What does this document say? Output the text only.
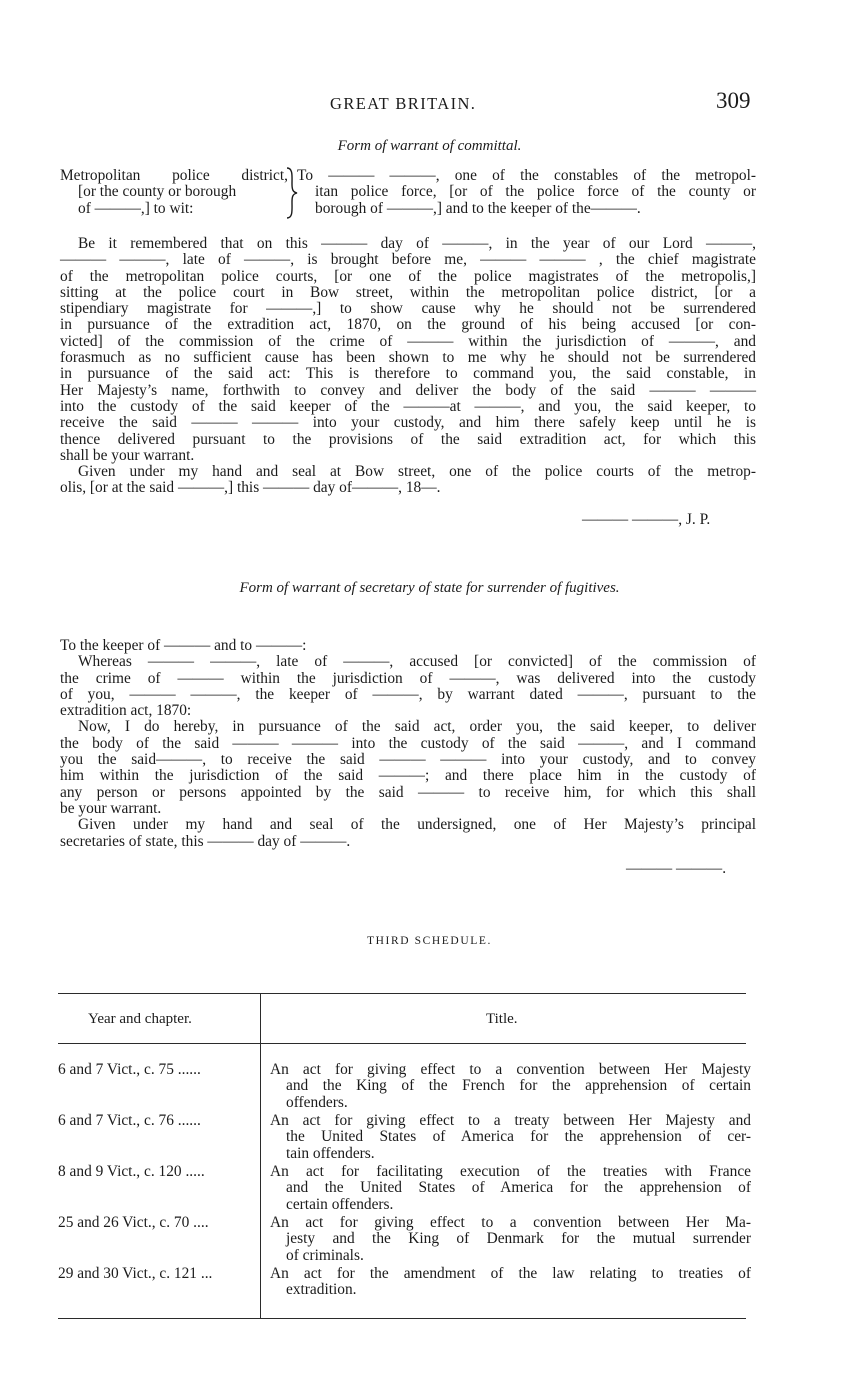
GREAT BRITAIN.	309
Form of warrant of committal.
Metropolitan police district,
[or the county or borough
of ———,] to wit:
To ——— ———, one of the constables of the metropol-
itan police force, [or of the police force of the county or
borough of ———,] and to the keeper of the———.
Be it remembered that on this ——— day of ———, in the year of our Lord ———,
——— ———, late of ———, is brought before me, ——— ——— , the chief magistrate
of the metropolitan police courts, [or one of the police magistrates of the metropolis,]
sitting at the police court in Bow street, within the metropolitan police district, [or a
stipendiary magistrate for ———,] to show cause why he should not be surrendered
in pursuance of the extradition act, 1870, on the ground of his being accused [or con-
victed] of the commission of the crime of ——— within the jurisdiction of ———, and
forasmuch as no sufficient cause has been shown to me why he should not be surrendered
in pursuance of the said act: This is therefore to command you, the said constable, in
Her Majesty’s name, forthwith to convey and deliver the body of the said ——— ———
into the custody of the said keeper of the ———at ———, and you, the said keeper, to
receive the said ——— ——— into your custody, and him there safely keep until he is
thence delivered pursuant to the provisions of the said extradition act, for which this
shall be your warrant.
Given under my hand and seal at Bow street, one of the police courts of the metrop-
olis, [or at the said ———,] this ——— day of———, 18—.
——— ———, J. P.
Form of warrant of secretary of state for surrender of fugitives.
To the keeper of ——— and to ———:
Whereas ——— ———, late of ———, accused [or convicted] of the commission of
the crime of ——— within the jurisdiction of ———, was delivered into the custody
of you, ——— ———, the keeper of ———, by warrant dated ———, pursuant to the
extradition act, 1870:
Now, I do hereby, in pursuance of the said act, order you, the said keeper, to deliver
the body of the said ——— ——— into the custody of the said ———, and I command
you the said———, to receive the said ——— ——— into your custody, and to convey
him within the jurisdiction of the said ———; and there place him in the custody of
any person or persons appointed by the said ——— to receive him, for which this shall
be your warrant.
Given under my hand and seal of the undersigned, one of Her Majesty’s principal
secretaries of state, this ——— day of ———.
——— ———.
THIRD SCHEDULE.
Year and chapter.	Title.
6 and 7 Vict., c. 75 ......	An act for giving effect to a convention between Her Majesty
and the King of the French for the apprehension of certain
offenders.
6 and 7 Vict., c. 76 ......	An act for giving effect to a treaty between Her Majesty and
the United States of America for the apprehension of cer-
tain offenders.
8 and 9 Vict., c. 120 .....	An act for facilitating execution of the treaties with France
and the United States of America for the apprehension of
certain offenders.
25 and 26 Vict., c. 70 ....	An act for giving effect to a convention between Her Ma-
jesty and the King of Denmark for the mutual surrender
of criminals.
29 and 30 Vict., c. 121 ...	An act for the amendment of the law relating to treaties of
extradition.
